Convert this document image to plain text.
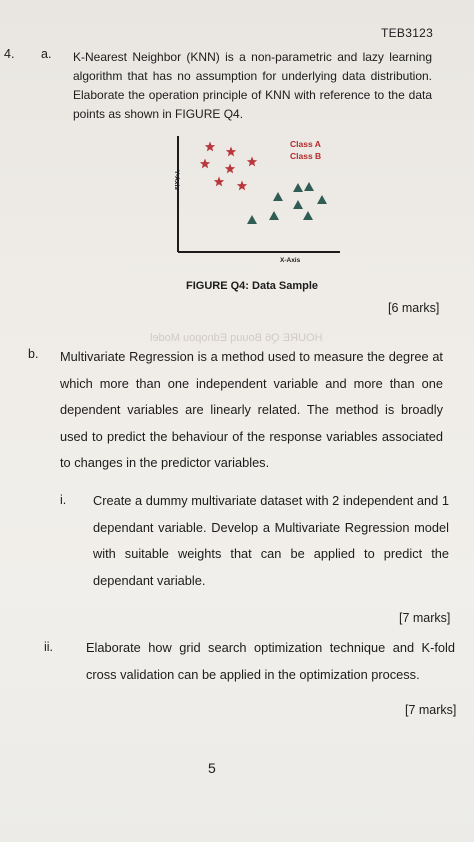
HOURE Q6 Bouuq Ednopou Model
TEB3123
4. a. K-Nearest Neighbor (KNN) is a non-parametric and lazy learning algorithm that has no assumption for underlying data distribution. Elaborate the operation principle of KNN with reference to the data points as shown in FIGURE Q4.
Y-Axis
X-Axis
Class A
Class B
FIGURE Q4: Data Sample
[6 marks]
b. Multivariate Regression is a method used to measure the degree at which more than one independent variable and more than one dependent variables are linearly related. The method is broadly used to predict the behaviour of the response variables associated to changes in the predictor variables.
i. Create a dummy multivariate dataset with 2 independent and 1 dependant variable. Develop a Multivariate Regression model with suitable weights that can be applied to predict the dependant variable.
[7 marks]
ii.	Elaborate how grid search optimization technique and K-fold cross validation can be applied in the optimization process.
[7 marks]
5
